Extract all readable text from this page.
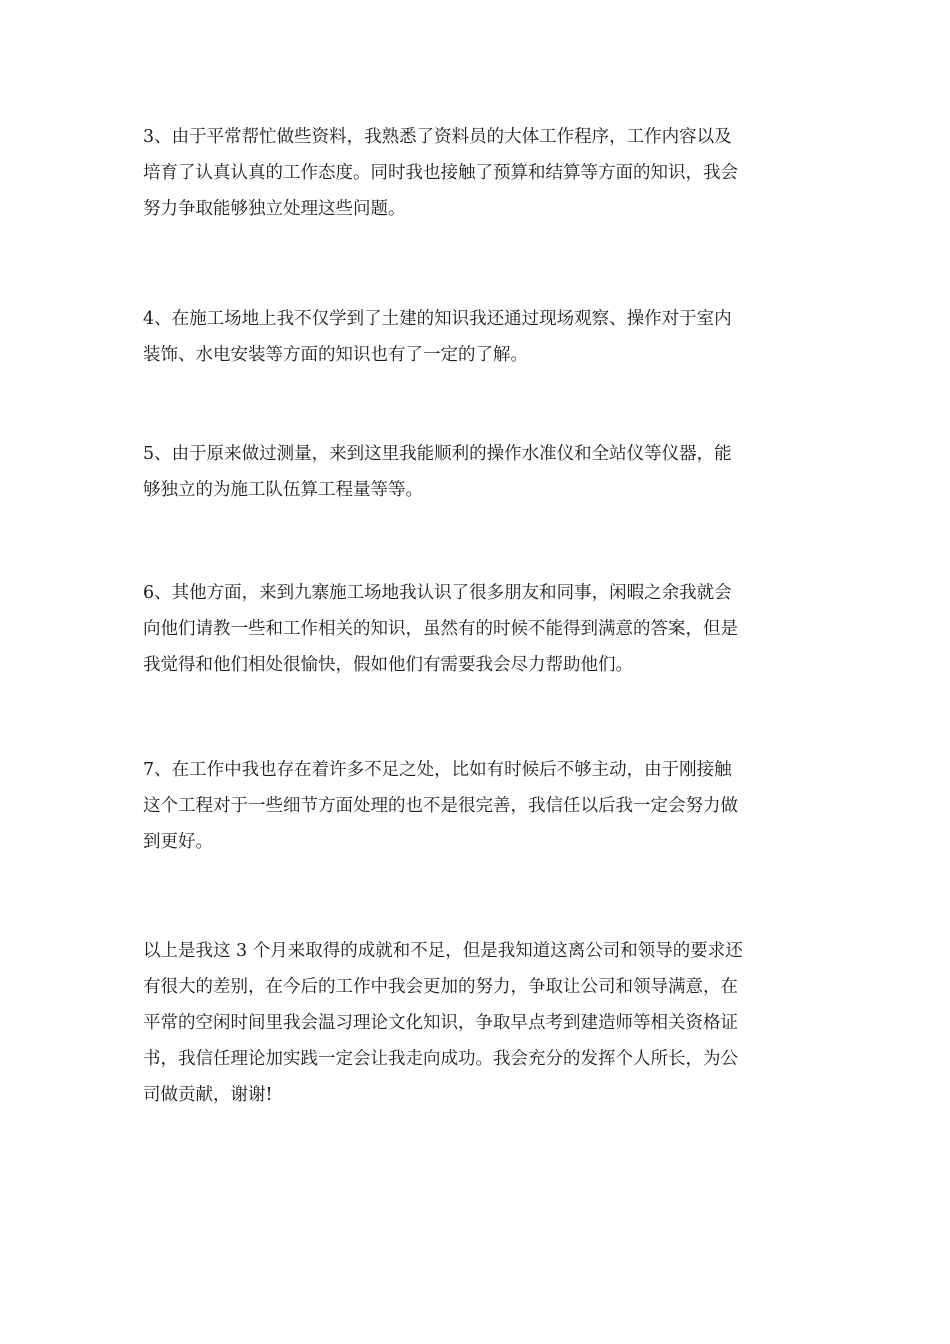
3、由于平常帮忙做些资料，我熟悉了资料员的大体工作程序，工作内容以及
培育了认真认真的工作态度。同时我也接触了预算和结算等方面的知识，我会
努力争取能够独立处理这些问题。

4、在施工场地上我不仅学到了土建的知识我还通过现场观察、操作对于室内
装饰、水电安装等方面的知识也有了一定的了解。

5、由于原来做过测量，来到这里我能顺利的操作水准仪和全站仪等仪器，能
够独立的为施工队伍算工程量等等。

6、其他方面，来到九寨施工场地我认识了很多朋友和同事，闲暇之余我就会
向他们请教一些和工作相关的知识，虽然有的时候不能得到满意的答案，但是
我觉得和他们相处很愉快，假如他们有需要我会尽力帮助他们。

7、在工作中我也存在着许多不足之处，比如有时候后不够主动，由于刚接触
这个工程对于一些细节方面处理的也不是很完善，我信任以后我一定会努力做
到更好。

以上是我这 3 个月来取得的成就和不足，但是我知道这离公司和领导的要求还
有很大的差别，在今后的工作中我会更加的努力，争取让公司和领导满意，在
平常的空闲时间里我会温习理论文化知识，争取早点考到建造师等相关资格证
书，我信任理论加实践一定会让我走向成功。我会充分的发挥个人所长，为公
司做贡献，谢谢!
